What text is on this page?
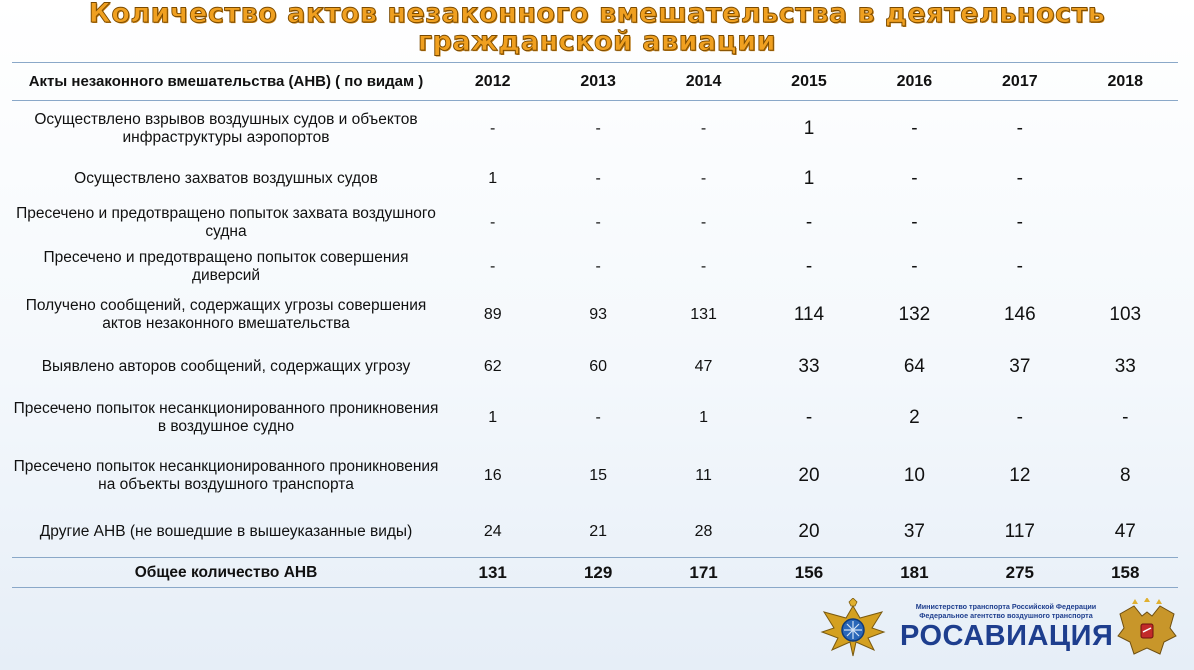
Количество актов незаконного вмешательства в деятельность
гражданской авиации
Акты незаконного вмешательства (АНВ) ( по видам )	2012	2013	2014	2015	2016	2017	2018
Осуществлено взрывов воздушных судов и объектов инфраструктуры аэропортов	-	-	-	1	-	-	
Осуществлено захватов воздушных судов	1	-	-	1	-	-	
Пресечено и предотвращено попыток захвата воздушного судна	-	-	-	-	-	-	
Пресечено и предотвращено попыток совершения диверсий	-	-	-	-	-	-	
Получено сообщений, содержащих угрозы совершения актов незаконного вмешательства	89	93	131	114	132	146	103
Выявлено авторов сообщений, содержащих угрозу	62	60	47	33	64	37	33
Пресечено попыток несанкционированного проникновения в воздушное судно	1	-	1	-	2	-	-
Пресечено попыток несанкционированного проникновения на объекты воздушного транспорта	16	15	11	20	10	12	8
Другие АНВ (не вошедшие в вышеуказанные виды)	24	21	28	20	37	117	47
Общее количество АНВ	131	129	171	156	181	275	158
Министерство транспорта Российской Федерации
Федеральное агентство воздушного транспорта
РОСАВИАЦИЯ
